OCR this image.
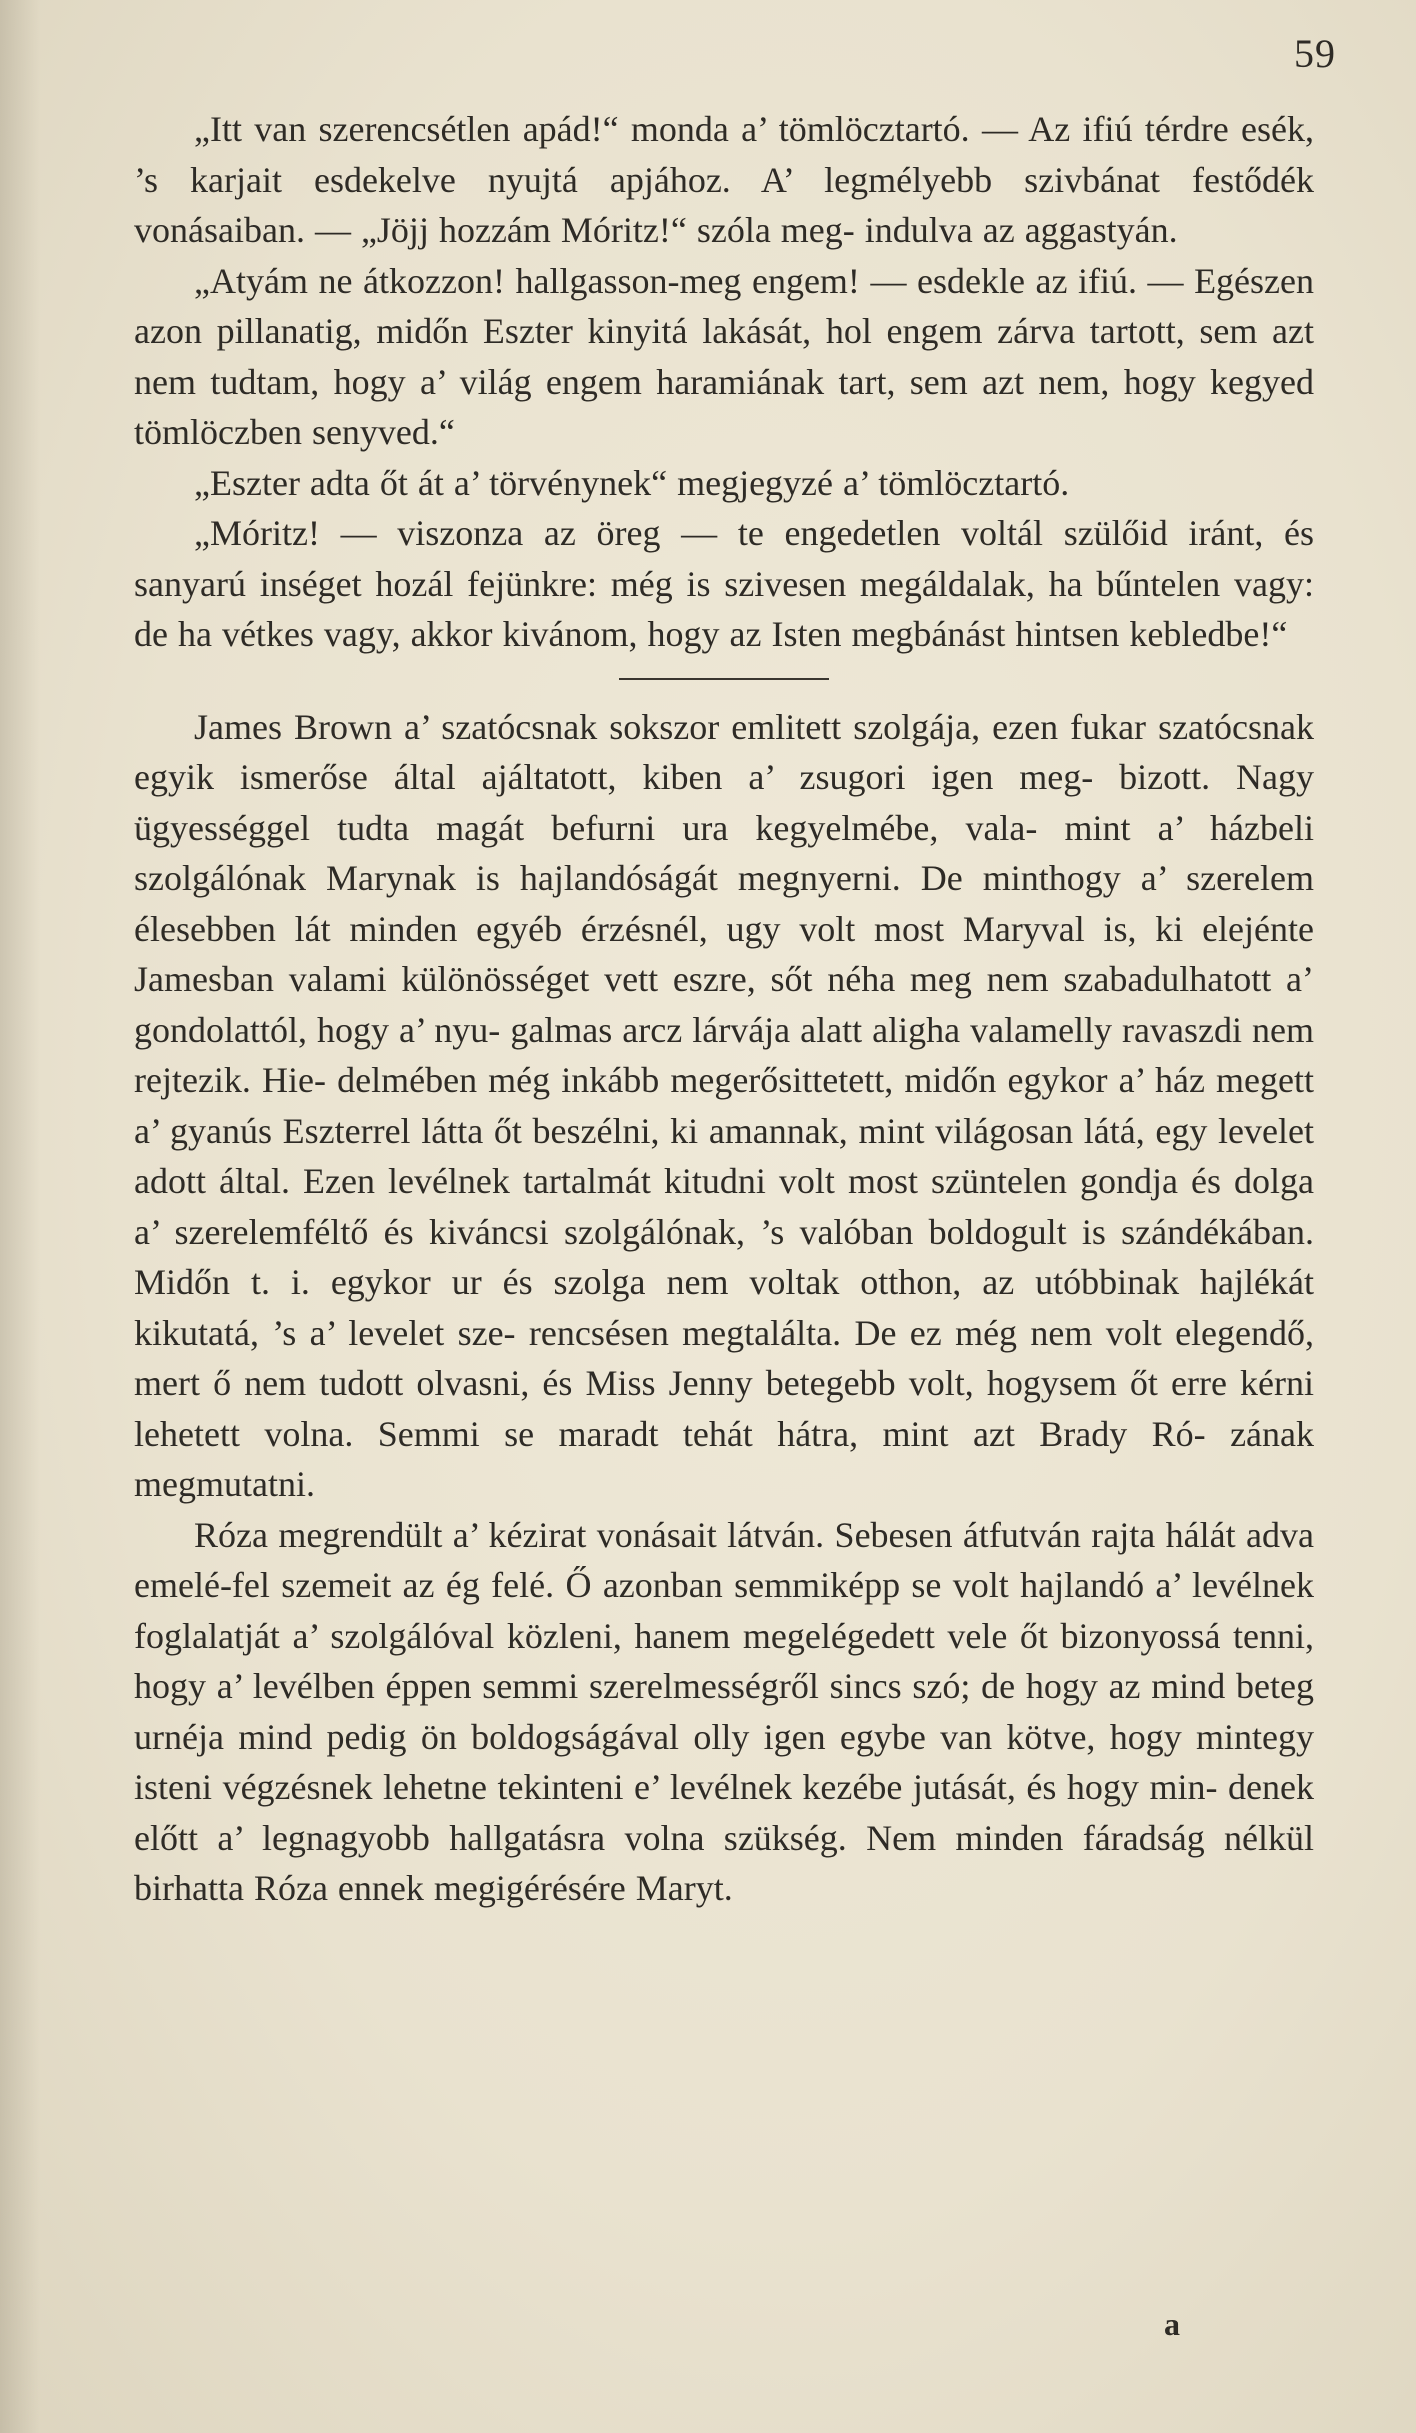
59

„Itt van szerencsétlen apád!“ monda a’ tömlöcztartó. — Az ifiú térdre esék, ’s karjait esdekelve nyujtá apjához. A’ legmélyebb szivbánat festődék vonásaiban. — „Jöjj hozzám Móritz!“ szóla meg- indulva az aggastyán.

„Atyám ne átkozzon! hallgasson-meg engem! — esdekle az ifiú. — Egészen azon pillanatig, midőn Eszter kinyitá lakását, hol engem zárva tartott, sem azt nem tudtam, hogy a’ világ engem haramiának tart, sem azt nem, hogy kegyed tömlöczben senyved.“

„Eszter adta őt át a’ törvénynek“ megjegyzé a’ tömlöcztartó.

„Móritz! — viszonza az öreg — te engedetlen voltál szülőid iránt, és sanyarú inséget hozál fejünkre: még is szivesen megáldalak, ha bűntelen vagy: de ha vétkes vagy, akkor kivánom, hogy az Isten megbánást hintsen kebledbe!“

James Brown a’ szatócsnak sokszor emlitett szolgája, ezen fukar szatócsnak egyik ismerőse által ajáltatott, kiben a’ zsugori igen meg- bizott. Nagy ügyességgel tudta magát befurni ura kegyelmébe, vala- mint a’ házbeli szolgálónak Marynak is hajlandóságát megnyerni. De minthogy a’ szerelem élesebben lát minden egyéb érzésnél, ugy volt most Maryval is, ki elejénte Jamesban valami különösséget vett eszre, sőt néha meg nem szabadulhatott a’ gondolattól, hogy a’ nyu- galmas arcz lárvája alatt aligha valamelly ravaszdi nem rejtezik. Hie- delmében még inkább megerősittetett, midőn egykor a’ ház megett a’ gyanús Eszterrel látta őt beszélni, ki amannak, mint világosan látá, egy levelet adott által. Ezen levélnek tartalmát kitudni volt most szüntelen gondja és dolga a’ szerelemféltő és kiváncsi szolgálónak, ’s valóban boldogult is szándékában. Midőn t. i. egykor ur és szolga nem voltak otthon, az utóbbinak hajlékát kikutatá, ’s a’ levelet sze- rencsésen megtalálta. De ez még nem volt elegendő, mert ő nem tudott olvasni, és Miss Jenny betegebb volt, hogysem őt erre kérni lehetett volna. Semmi se maradt tehát hátra, mint azt Brady Ró- zának megmutatni.

Róza megrendült a’ kézirat vonásait látván. Sebesen átfutván rajta hálát adva emelé-fel szemeit az ég felé. Ő azonban semmiképp se volt hajlandó a’ levélnek foglalatját a’ szolgálóval közleni, hanem megelégedett vele őt bizonyossá tenni, hogy a’ levélben éppen semmi szerelmességről sincs szó; de hogy az mind beteg urnéja mind pedig ön boldogságával olly igen egybe van kötve, hogy mintegy isteni végzésnek lehetne tekinteni e’ levélnek kezébe jutását, és hogy min- denek előtt a’ legnagyobb hallgatásra volna szükség. Nem minden fáradság nélkül birhatta Róza ennek megigérésére Maryt.

a
